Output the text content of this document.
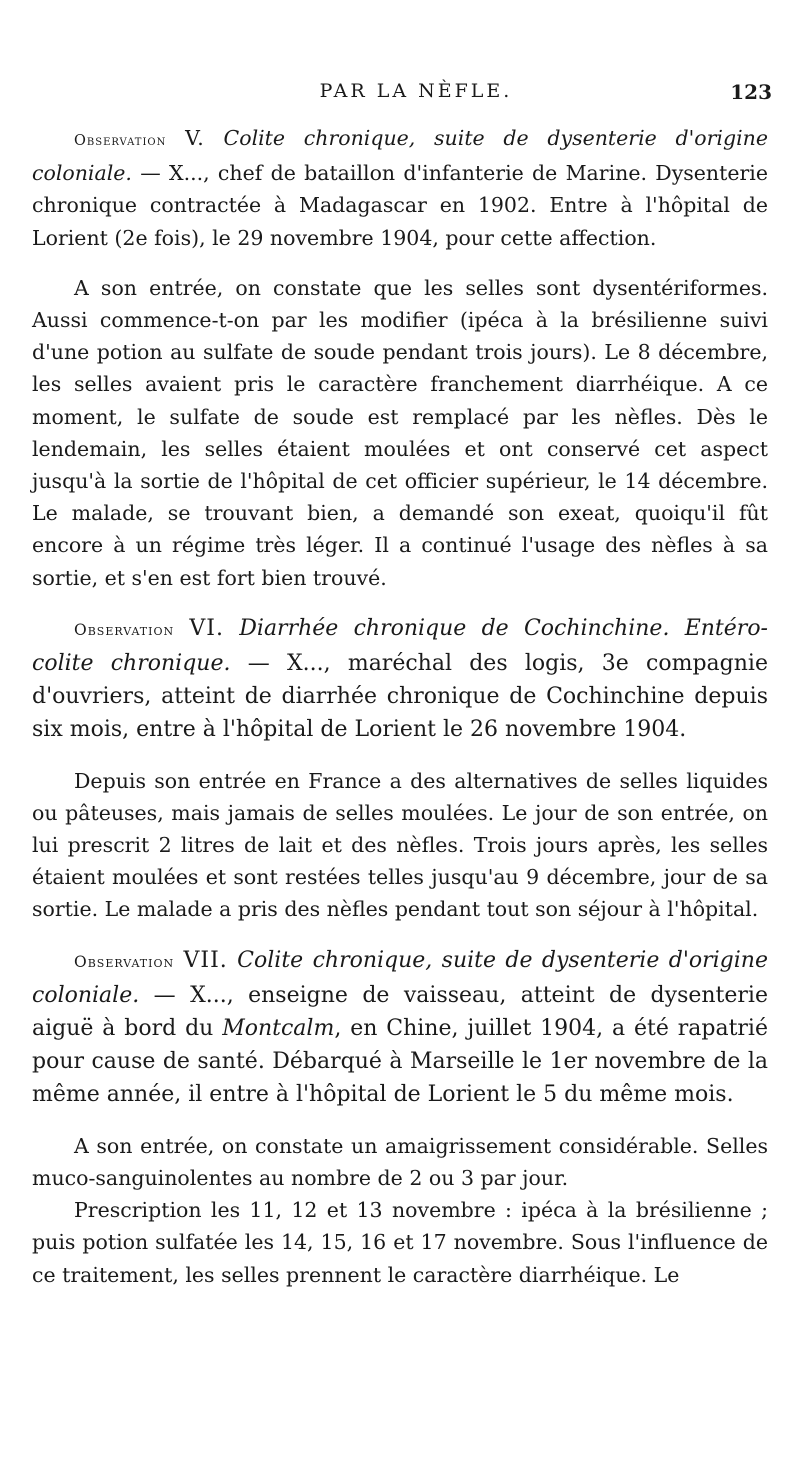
PAR LA NÈFLE.	123

Observation V. Colite chronique, suite de dysenterie d'origine coloniale. — X..., chef de bataillon d'infanterie de Marine. Dysenterie chronique contractée à Madagascar en 1902. Entre à l'hôpital de Lorient (2e fois), le 29 novembre 1904, pour cette affection.

A son entrée, on constate que les selles sont dysentériformes. Aussi commence-t-on par les modifier (ipéca à la brésilienne suivi d'une potion au sulfate de soude pendant trois jours). Le 8 décembre, les selles avaient pris le caractère franchement diarrhéique. A ce moment, le sulfate de soude est remplacé par les nèfles. Dès le lendemain, les selles étaient moulées et ont conservé cet aspect jusqu'à la sortie de l'hôpital de cet officier supérieur, le 14 décembre. Le malade, se trouvant bien, a demandé son exeat, quoiqu'il fût encore à un régime très léger. Il a continué l'usage des nèfles à sa sortie, et s'en est fort bien trouvé.

Observation VI. Diarrhée chronique de Cochinchine. Entéro-colite chronique. — X..., maréchal des logis, 3e compagnie d'ouvriers, atteint de diarrhée chronique de Cochinchine depuis six mois, entre à l'hôpital de Lorient le 26 novembre 1904.

Depuis son entrée en France a des alternatives de selles liquides ou pâteuses, mais jamais de selles moulées. Le jour de son entrée, on lui prescrit 2 litres de lait et des nèfles. Trois jours après, les selles étaient moulées et sont restées telles jusqu'au 9 décembre, jour de sa sortie. Le malade a pris des nèfles pendant tout son séjour à l'hôpital.

Observation VII. Colite chronique, suite de dysenterie d'origine coloniale. — X..., enseigne de vaisseau, atteint de dysenterie aiguë à bord du Montcalm, en Chine, juillet 1904, a été rapatrié pour cause de santé. Débarqué à Marseille le 1er novembre de la même année, il entre à l'hôpital de Lorient le 5 du même mois.

A son entrée, on constate un amaigrissement considérable. Selles muco-sanguinolentes au nombre de 2 ou 3 par jour.

Prescription les 11, 12 et 13 novembre : ipéca à la brésilienne ; puis potion sulfatée les 14, 15, 16 et 17 novembre. Sous l'influence de ce traitement, les selles prennent le caractère diarrhéique. Le
